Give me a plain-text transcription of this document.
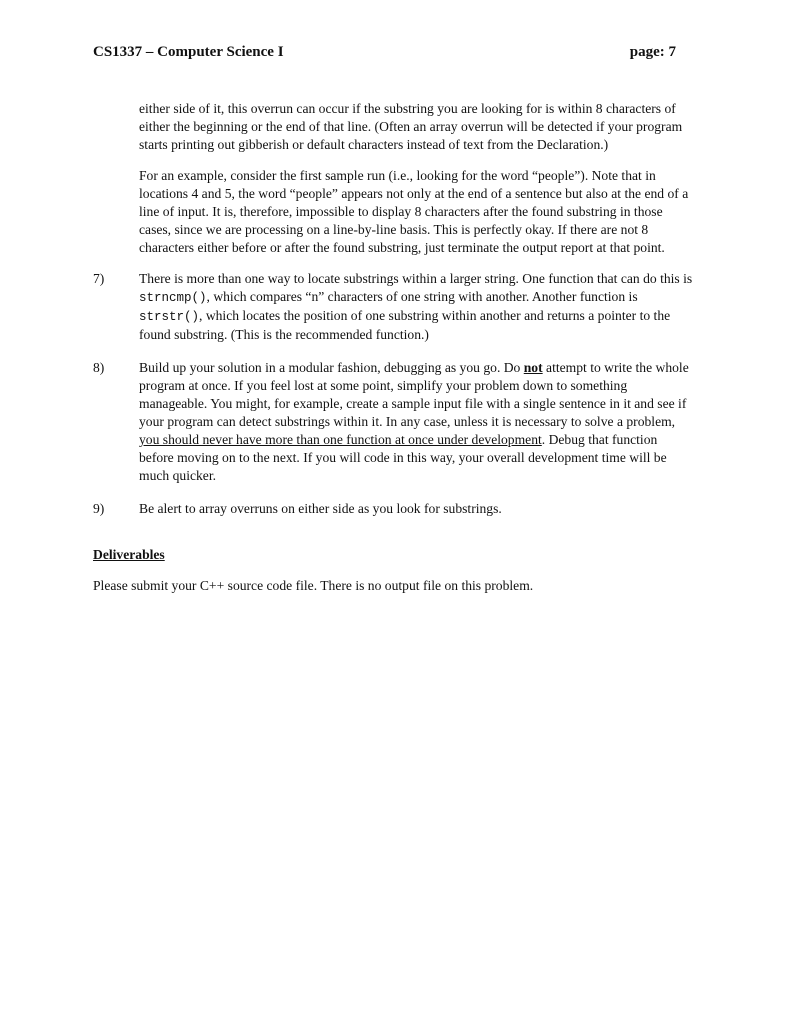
CS1337 – Computer Science I	page: 7

either side of it, this overrun can occur if the substring you are looking for is within 8 characters of either the beginning or the end of that line. (Often an array overrun will be detected if your program starts printing out gibberish or default characters instead of text from the Declaration.)

For an example, consider the first sample run (i.e., looking for the word “people”). Note that in locations 4 and 5, the word “people” appears not only at the end of a sentence but also at the end of a line of input. It is, therefore, impossible to display 8 characters after the found substring in those cases, since we are processing on a line-by-line basis. This is perfectly okay. If there are not 8 characters either before or after the found substring, just terminate the output report at that point.

7)	There is more than one way to locate substrings within a larger string. One function that can do this is strncmp(), which compares “n” characters of one string with another. Another function is strstr(), which locates the position of one substring within another and returns a pointer to the found substring. (This is the recommended function.)
8)	Build up your solution in a modular fashion, debugging as you go. Do not attempt to write the whole program at once. If you feel lost at some point, simplify your problem down to something manageable. You might, for example, create a sample input file with a single sentence in it and see if your program can detect substrings within it. In any case, unless it is necessary to solve a problem, you should never have more than one function at once under development. Debug that function before moving on to the next. If you will code in this way, your overall development time will be much quicker.
9)	Be alert to array overruns on either side as you look for substrings.
Deliverables

Please submit your C++ source code file. There is no output file on this problem.
